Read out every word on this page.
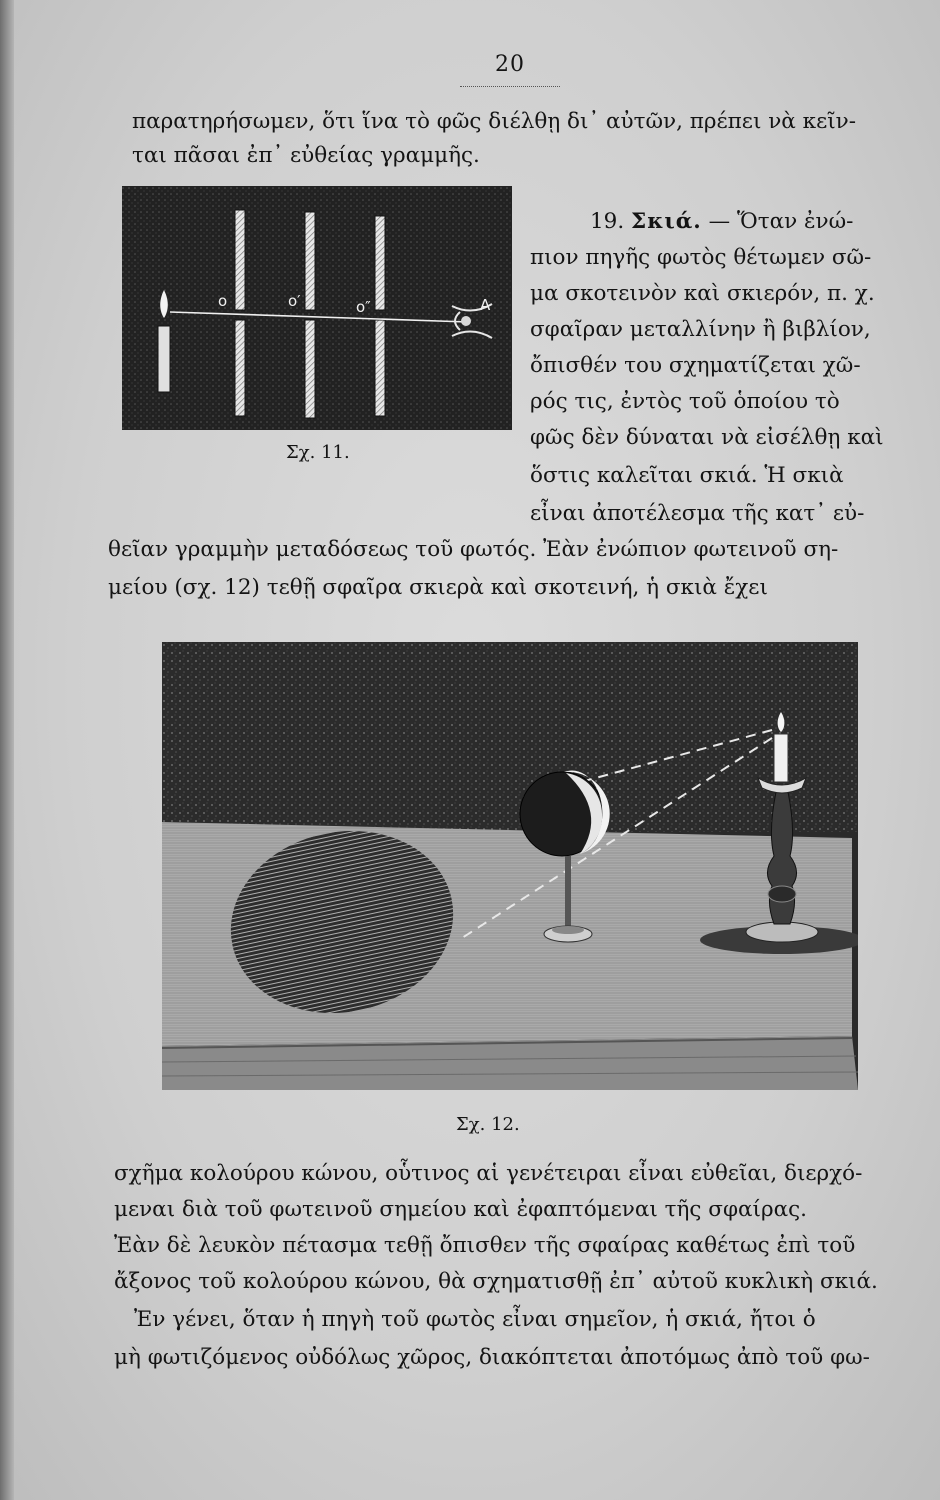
20
παρατηρήσωμεν, ὅτι ἵνα τὸ φῶς διέλθῃ δι᾽ αὐτῶν, πρέπει νὰ κεῖν-
ται πᾶσαι ἐπ᾽ εὐθείας γραμμῆς.
o	o′	o″	A
Σχ. 11.
19. Σκιά. — Ὅταν ἐνώ-
πιον πηγῆς φωτὸς θέτωμεν σῶ-
μα σκοτεινὸν καὶ σκιερόν, π. χ.
σφαῖραν μεταλλίνην ἢ βιβλίον,
ὄπισθέν του σχηματίζεται χῶ-
ρός τις, ἐντὸς τοῦ ὁποίου τὸ
φῶς δὲν δύναται νὰ εἰσέλθῃ καὶ
ὅστις καλεῖται σκιά. Ἡ σκιὰ
εἶναι ἀποτέλεσμα τῆς κατ᾽ εὐ-
θεῖαν γραμμὴν μεταδόσεως τοῦ φωτός. Ἐὰν ἐνώπιον φωτεινοῦ ση-
μείου (σχ. 12) τεθῇ σφαῖρα σκιερὰ καὶ σκοτεινή, ἡ σκιὰ ἔχει
Σχ. 12.
σχῆμα κολούρου κώνου, οὗτινος αἱ γενέτειραι εἶναι εὐθεῖαι, διερχό-
μεναι διὰ τοῦ φωτεινοῦ σημείου καὶ ἐφαπτόμεναι τῆς σφαίρας.
Ἐὰν δὲ λευκὸν πέτασμα τεθῇ ὄπισθεν τῆς σφαίρας καθέτως ἐπὶ τοῦ
ἄξονος τοῦ κολούρου κώνου, θὰ σχηματισθῇ ἐπ᾽ αὐτοῦ κυκλικὴ σκιά.
Ἐν γένει, ὅταν ἡ πηγὴ τοῦ φωτὸς εἶναι σημεῖον, ἡ σκιά, ἤτοι ὁ
μὴ φωτιζόμενος οὐδόλως χῶρος, διακόπτεται ἀποτόμως ἀπὸ τοῦ φω-
